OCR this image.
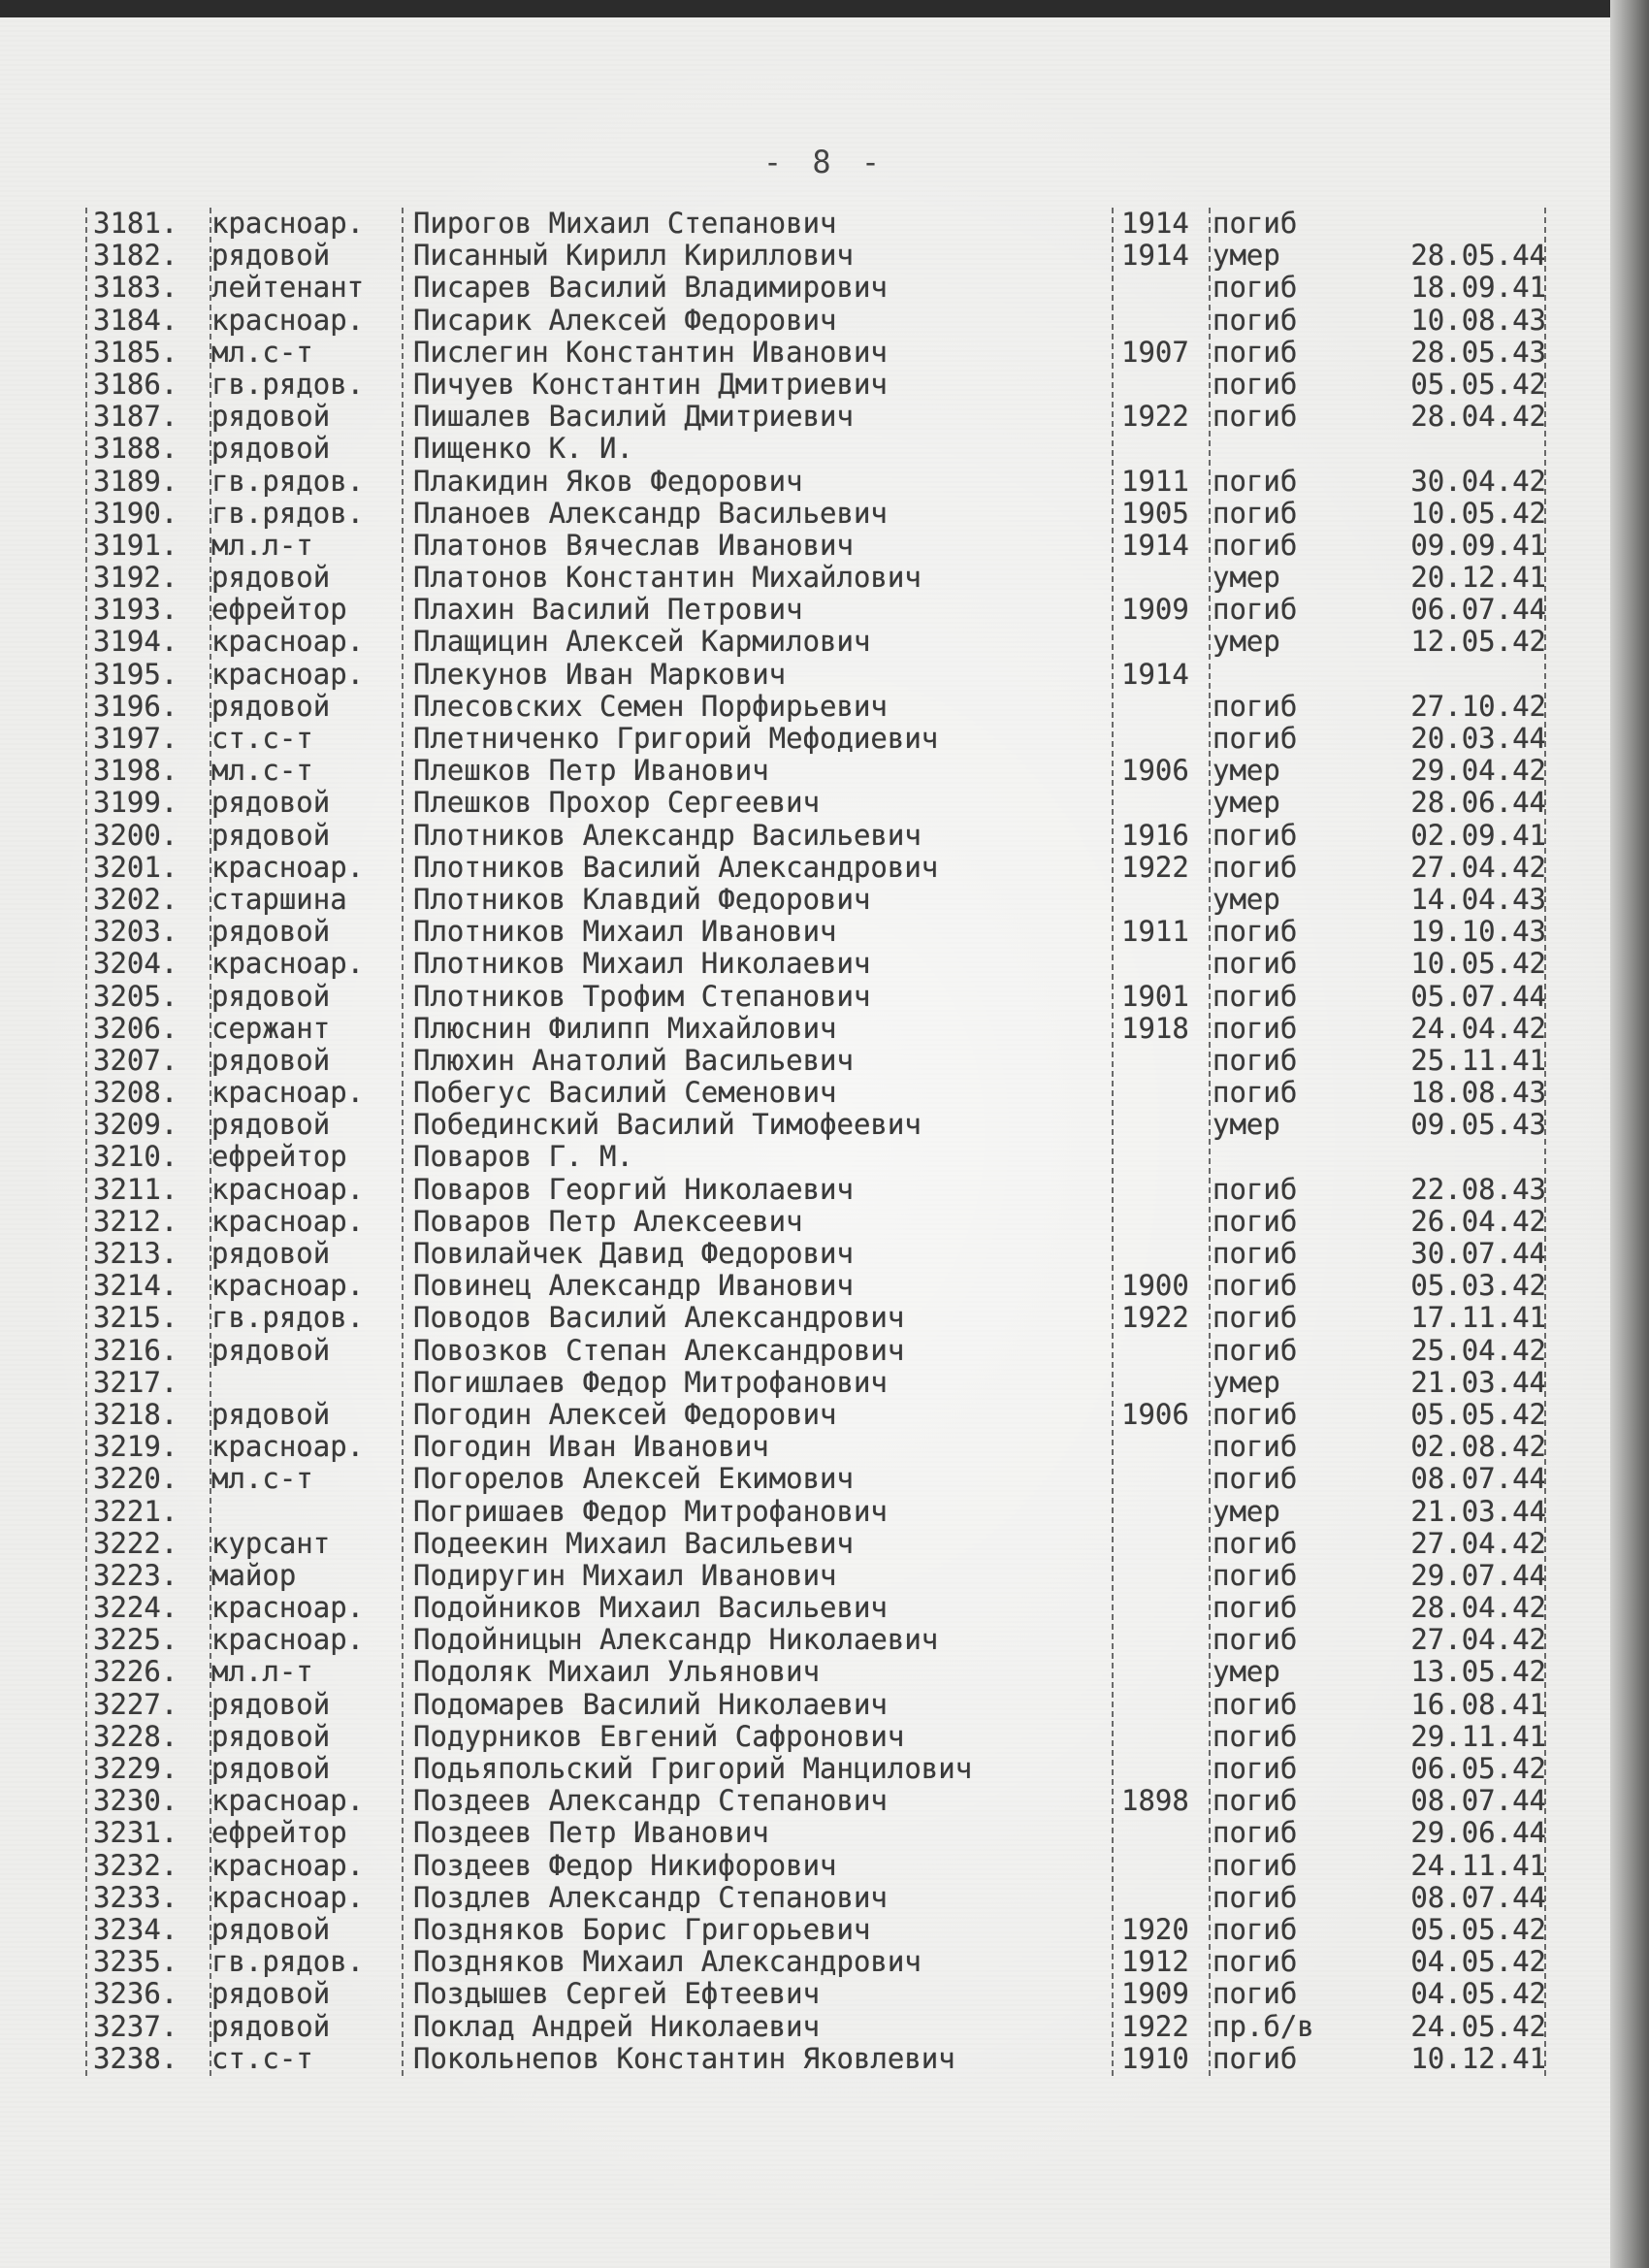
- 8 -
3181.	красноар.	Пирогов Михаил Степанович	1914 погиб
3182.	рядовой	Писанный Кирилл Кириллович	1914 умер	28.05.44
3183.	лейтенант	Писарев Василий Владимирович	погиб	18.09.41
3184.	красноар.	Писарик Алексей Федорович	погиб	10.08.43
3185.	мл.с-т	Пислегин Константин Иванович	1907 погиб	28.05.43
3186.	гв.рядов.	Пичуев Константин Дмитриевич	погиб	05.05.42
3187.	рядовой	Пишалев Василий Дмитриевич	1922 погиб	28.04.42
3188.	рядовой	Пищенко К. И.
3189.	гв.рядов.	Плакидин Яков Федорович	1911 погиб	30.04.42
3190.	гв.рядов.	Планоев Александр Васильевич	1905 погиб	10.05.42
3191.	мл.л-т	Платонов Вячеслав Иванович	1914 погиб	09.09.41
3192.	рядовой	Платонов Константин Михайлович	умер	20.12.41
3193.	ефрейтор	Плахин Василий Петрович	1909 погиб	06.07.44
3194.	красноар.	Плащицин Алексей Кармилович	умер	12.05.42
3195.	красноар.	Плекунов Иван Маркович	1914
3196.	рядовой	Плесовских Семен Порфирьевич	погиб	27.10.42
3197.	ст.с-т	Плетниченко Григорий Мефодиевич	погиб	20.03.44
3198.	мл.с-т	Плешков Петр Иванович	1906 умер	29.04.42
3199.	рядовой	Плешков Прохор Сергеевич	умер	28.06.44
3200.	рядовой	Плотников Александр Васильевич	1916 погиб	02.09.41
3201.	красноар.	Плотников Василий Александрович	1922 погиб	27.04.42
3202.	старшина	Плотников Клавдий Федорович	умер	14.04.43
3203.	рядовой	Плотников Михаил Иванович	1911 погиб	19.10.43
3204.	красноар.	Плотников Михаил Николаевич	погиб	10.05.42
3205.	рядовой	Плотников Трофим Степанович	1901 погиб	05.07.44
3206.	сержант	Плюснин Филипп Михайлович	1918 погиб	24.04.42
3207.	рядовой	Плюхин Анатолий Васильевич	погиб	25.11.41
3208.	красноар.	Побегус Василий Семенович	погиб	18.08.43
3209.	рядовой	Побединский Василий Тимофеевич	умер	09.05.43
3210.	ефрейтор	Поваров Г. М.
3211.	красноар.	Поваров Георгий Николаевич	погиб	22.08.43
3212.	красноар.	Поваров Петр Алексеевич	погиб	26.04.42
3213.	рядовой	Повилайчек Давид Федорович	погиб	30.07.44
3214.	красноар.	Повинец Александр Иванович	1900 погиб	05.03.42
3215.	гв.рядов.	Поводов Василий Александрович	1922 погиб	17.11.41
3216.	рядовой	Повозков Степан Александрович	погиб	25.04.42
3217.	Погишлаев Федор Митрофанович	умер	21.03.44
3218.	рядовой	Погодин Алексей Федорович	1906 погиб	05.05.42
3219.	красноар.	Погодин Иван Иванович	погиб	02.08.42
3220.	мл.с-т	Погорелов Алексей Екимович	погиб	08.07.44
3221.	Погришаев Федор Митрофанович	умер	21.03.44
3222.	курсант	Подеекин Михаил Васильевич	погиб	27.04.42
3223.	майор	Подиругин Михаил Иванович	погиб	29.07.44
3224.	красноар.	Подойников Михаил Васильевич	погиб	28.04.42
3225.	красноар.	Подойницын Александр Николаевич	погиб	27.04.42
3226.	мл.л-т	Подоляк Михаил Ульянович	умер	13.05.42
3227.	рядовой	Подомарев Василий Николаевич	погиб	16.08.41
3228.	рядовой	Подурников Евгений Сафронович	погиб	29.11.41
3229.	рядовой	Подьяпольский Григорий Манцилович	погиб	06.05.42
3230.	красноар.	Поздеев Александр Степанович	1898 погиб	08.07.44
3231.	ефрейтор	Поздеев Петр Иванович	погиб	29.06.44
3232.	красноар.	Поздеев Федор Никифорович	погиб	24.11.41
3233.	красноар.	Поздлев Александр Степанович	погиб	08.07.44
3234.	рядовой	Поздняков Борис Григорьевич	1920 погиб	05.05.42
3235.	гв.рядов.	Поздняков Михаил Александрович	1912 погиб	04.05.42
3236.	рядовой	Поздышев Сергей Ефтеевич	1909 погиб	04.05.42
3237.	рядовой	Поклад Андрей Николаевич	1922 пр.б/в	24.05.42
3238.	ст.с-т	Покольнепов Константин Яковлевич	1910 погиб	10.12.41
